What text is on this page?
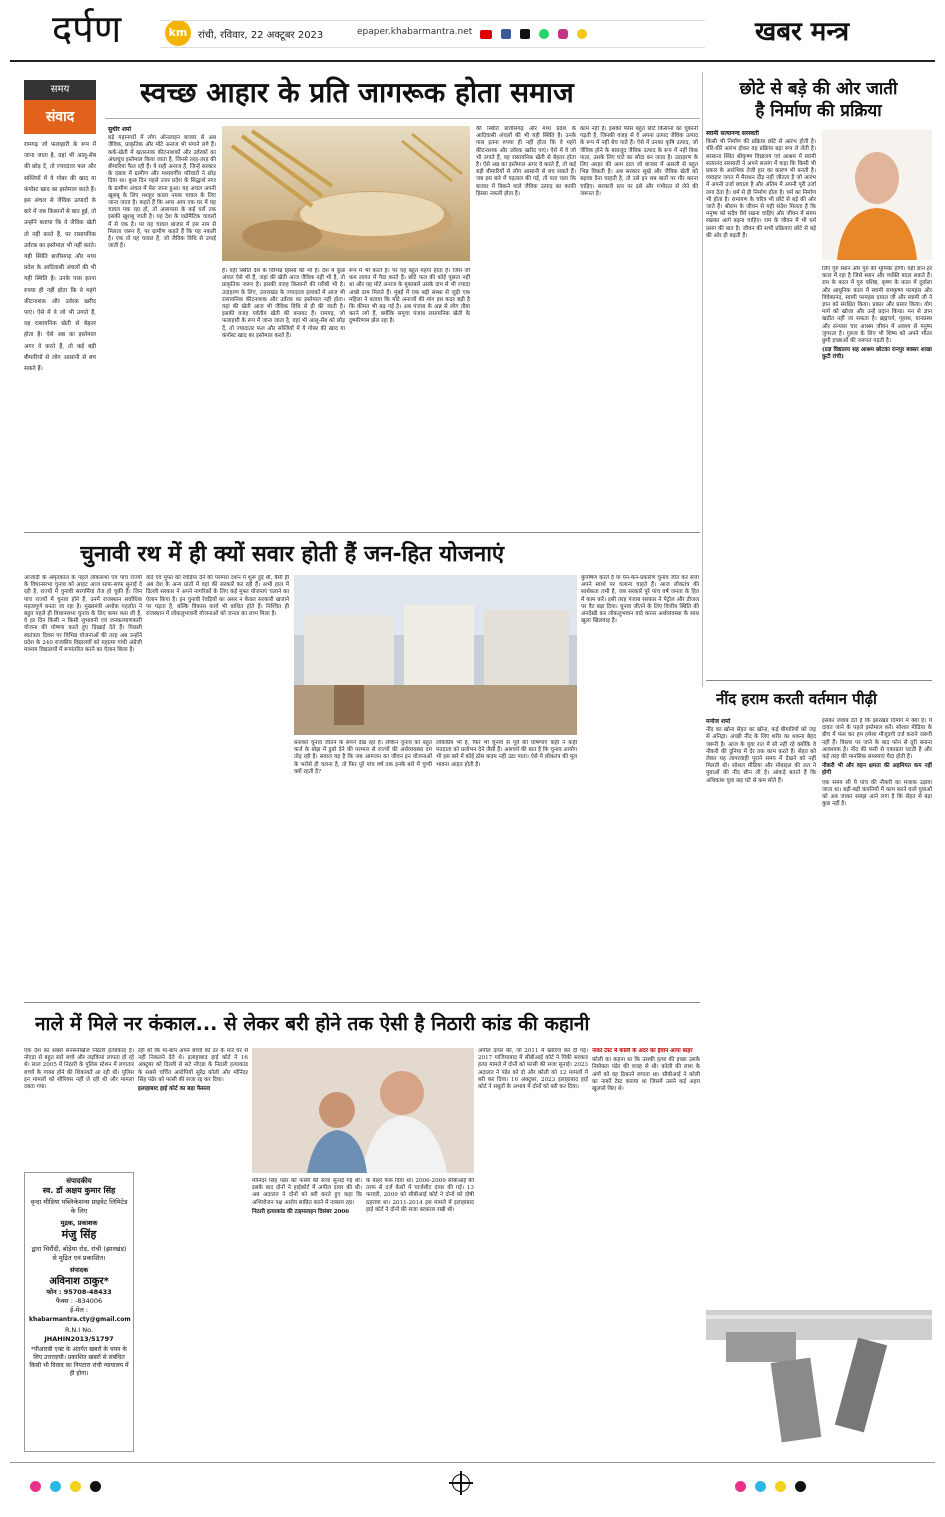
दर्पण	km	रांची, रविवार, 22 अक्टूबर 2023	epaper.khabarmantra.net
	खबर मन्त्र
समय
संवाद
रामगढ़ जो फलाहारी के रूप में जाना जाता है, वहां भी आलू-सेंब की छोड़ दें, तो ज्यादातर फल और सब्जियों में ये गोबर की खाद या कंपोस्ट खाद का इस्तेमाल करते हैं। इस अंचल से जैविक उत्पादों के बारे में जब किसानों से बात हुई, तो उन्होंने बताया कि वे जैविक खेती तो नहीं करते हैं, पर रासायनिक उर्वरक का इस्तेमाल भी नहीं करते। यही स्थिति छत्तीसगढ़ और मध्य प्रदेश के आदिवासी अंचलों की भी यही स्थिति है। उनके पास इतना रुपया ही नहीं होता कि वे महंगे कीटनाशक और उर्वरक खरीद पाएं। ऐसे में वे जो भी उगाते हैं, वह रासायनिक खेती से बेहतर होता है। ऐसे अन्न का इस्तेमाल अगर वे करते हैं, तो कई बड़ी बीमारियों से लोग आसानी से बच सकते हैं।
स्वच्छ आहार के प्रति जागरूक होता समाज
सुधीर शर्मा

बड़े महानगरों में लोग ऑनलाइन बाजार से अब जैविक, प्राकृतिक और मोटे अनाज भी मंगाने लगे हैं। कर्क-खेती में खतरनाक कीटनाशकों और उर्वरकों का अंधाधुंध इस्तेमाल किया जाता है, जिनसे तरह-तरह की बीमारियां फैल रही हैं। ये सही अनाज हैं, जिन्हें सरकार के दबाव में ग्रामीण और मध्यवर्गीय परिवारों ने छोड़ दिया था। कुछ दिन पहले उत्तर प्रदेश के सिद्धार्थ नगर के ग्रामीण अंचल में मेरा जाना हुआ। यह अंचल अपनी खुशबू के लिए मशहूर काला नमक चावल के लिए जाना जाता है। कहते हैं कि अगर आप एक घर में यह चावल पक रहा हो, तो आसपास के कई घरों तक इसकी खुशबू जाती है। यह देश के एग्रोमैटिक चावलों में से एक है। पर यह चावल बाजार में इस नाम से मिलता जरूर है, पर ग्रामीण कहते हैं कि यह नकली है। एक तो यह चावल है, जो जैविक विधि से उगाई जाती है।

हैं। यही स्थिति देश के विभिन्न हिस्सों की भी है। देश में कुछ अंचल ऐसे भी हैं, जहां की खेती आज जैविक नहीं भी है, तो प्राकृतिक जरूर है। इसकी वजह किसानों की गरीबी भी है। उदाहरण के लिए, उत्तराखंड के ज्यादातर इलाकों में आज भी रासायनिक कीटनाशक और उर्वरक का इस्तेमाल नहीं होता। यहां की खेती आज भी जैविक विधि से ही की जाती है। इसकी वजह पर्वतीय खेती की बनावट है। रामगढ़, जो फलाहारी के रूप में जाना जाता है, वहां भी आलू-सेंब को छोड़ दें, तो ज्यादातर फल और सब्जियों में ये गोबर की खाद या कंपोस्ट खाद का इस्तेमाल करते हैं।
रूप में भी करते हैं। पर यह बहुत महंगा होता है। जिस जो कम लागत में पैदा करते हैं। छोटे फल की कोई पूछता नहीं था और यह मोटे अनाज के मुकाबले उसके दाम से भी ज्यादा अच्छे दाम मिलते हैं। मुंबई में एक बड़ी संस्था से जुड़ी एक महिला ने बताया कि मोटे अनाजों की मांग इस कदर बढ़ी है कि कीमत भी बढ़ गई है। अब पंजाब के अन्न से लोग तौबा करने लगे हैं, क्योंकि समूचा पंजाब रासायनिक खेती के दुष्परिणाम झेल रहा है।
की स्थिति छत्तीसगढ़ और मध्य प्रदेश के आदिवासी अंचलों की भी यही स्थिति है। उनके पास इतना रुपया ही नहीं होता कि वे महंगे कीटनाशक और उर्वरक खरीद पाएं। ऐसे में वे जो भी उगाते हैं, वह रासायनिक खेती से बेहतर होता है। ऐसे अन्न का इस्तेमाल अगर वे करते हैं, तो कई बड़ी बीमारियों से लोग आसानी से बच सकते हैं। जब इस बारे में पड़ताल की गई, तो पता चला कि बाजार में बिकने वाले जैविक उत्पाद का काफी हिस्सा नकली होता है।
काम नहीं है। इसकी फीस बहुत छोटे किसानों को चुकानी पड़ती है, जिनकी वजह से वे अपना उत्पाद जैविक उत्पाद के रूप में नहीं बेच पाते हैं। ऐसे में उनका कृषि उत्पाद, जो जैविक होने के बावजूद जैविक उत्पाद के रूप में नहीं बिक पाता, उसके लिए घाटे का सौदा बन जाता है। उदाहरण के लिए अरहर की आम दाल जो बाजार में असली से बहुत भिन्न विकती है। अब सरकार सूखे और जैविक खेती को बढ़ावा देना चाहती है, तो उसे इन सब बातों पर गौर करना चाहिए। सरकारी स्तर पर इसे और गंभीरता से लेने की जरूरत है।
छोटे से बड़े की ओर जाती
है निर्माण की प्रक्रिया
स्वामी सत्यानन्द सरस्वती

किसी भी निर्माण की प्रक्रिया छोटे से आरंभ होती है। धीरे-धीरे आरंभ होकर वह प्रक्रिया बड़ा रूप ले लेती है। बरसाना स्थित श्रीकृष्ण विद्यालय एवं आश्रम में स्वामी सत्यानंद सरस्वती ने अपने सत्संग में कहा कि किसी भी प्रकार के आरंभिक तेजी हार का कारण भी बनती है। व्यवहार जगत में मैराथन दौड़ नहीं जीतता है जो आरंभ में अपनी उर्जा बचाता है और अंतिम में अपनी पूरी उर्जा लगा देता है। धर्म से ही निर्माण होता है। धर्म का निर्माण भी होता है। रामायण के चरित्र भी छोटे से बड़े की ओर जाते हैं। श्रीराम के जीवन से यही संदेश मिलता है कि मनुष्य को सदैव धैर्य रखना चाहिए और जीवन में संयम रखकर आगे बढ़ना चाहिए। राम के जीवन में भी धर्म प्रसंग की बात है। जीवन की सभी प्रक्रियाएं छोटे से बड़े की ओर ही बढ़ती हैं।

लिए गुरु स्थान और गुरु की भूमिका होगी। यही ज्ञान हर काल में रहा है जिसे स्थान और व्यक्ति बदल सकते हैं। राम के काल में गुरु वशिष्ठ, कृष्ण के काल में दुर्वासा और आधुनिक काल में स्वामी रामकृष्ण परमहंस और विवेकानंद, स्वामी परमहंस दयाल जी और स्वामी जी ने ज्ञान को संरक्षित किया। प्रकार और प्रसार किया। योग मार्ग को खोजा और उन्हें प्रदान किया। मन से ज्ञान खडीत नहीं जा सकता है। ब्रह्मचर्य, गृहस्थ, वानप्रस्थ और संन्यास चार आश्रम जीवन में अवश्य से मनुष्य जुगरता है। गुरुत्व के लिए भी शिष्य को अपने भीतर छुपी इच्छाओं की जरूरत पड़ती है।

(प्रज्ञ विद्यालय सह आश्रम छोटका रानपुर बक्सर शाखा कुटी रांची)

चुनावी रथ में ही क्यों सवार होती हैं जन-हित योजनाएं
आजादी के अमृतकाल के पहले लोकसभा एवं पांच राज्यों के विधानसभा चुनाव को आहट आज साफ-साफ सुनाई दे रही है, राज्यों में चुनावी सरगर्मियां तेज हो चुकी हैं। जिन पांच राज्यों में चुनाव होने हैं, उनमें राजस्थान सर्वाधिक महत्वपूर्ण बनता जा रहा है। मुख्यमंत्री अशोक गहलोत ने बहुत पहले ही विधानसभा चुनाव के लिए कमर कस ली है, वे हर दिन किसी न किसी लुभावनी एवं जनकल्याणकारी योजना की घोषणा करते हुए दिखाई देते हैं। पिछली स्वतंत्रता दिवस पर विभिन्न योजनाओं की तरह अब उन्होंने प्रदेश के 240 राजकीय विद्यालयों को महात्मा गांधी अंग्रेजी माध्यम विद्यालयों में रूपांतरित करने का ऐलान किया है।
वादे एवं मुफ्त की रेवड़ियां देने की परम्परा दर्शन में शुरू हुई थी, वैसी ही अब देश के अन्य प्रांतों में वहां की सरकारें कर रही हैं। अभी हाल में दिल्ली सरकार ने अपने नागरिकों के लिए कई मुफ्त योजनाएं चलाने का ऐलान किया है। इन चुनावी रेवड़ियों का असर न केवल सरकारी खजाने पर पड़ता है, बल्कि विकास कार्य भी बाधित होते हैं। निश्चित ही राजस्थान में लोकलुभावनी योजनाओं को जनता का लाभ मिला है।
बनाकर चुनाव जीतने के सपने देख रहा है। लेकिन चुनाव को बहुत कर्ज के बोझ में डुबो देने की परम्परा से राज्यों की अर्थव्यवस्था दम तोड़ रही है। सवाल यह है कि जब आमजन का जीवन इन योजनाओं के भरोसे ही चलना है, तो फिर पूरे पांच वर्ष तक इनके बारे में चुप्पी क्यों रहती है?
लोकप्रिय भी हैं, फिर भी चुनाव से पूर्व की घोषणाएं कहीं न कहीं मतदाता को प्रलोभन देने जैसी हैं। आश्चर्य की बात है कि चुनाव आयोग भी इस बारे में कोई ठोस कदम नहीं उठा पाता। ऐसे में लोकतंत्र की मूल भावना आहत होती है।
कुपोषण करते हैं या येन-केन-प्रकारेण चुनाव जीत कर सत्ता अपने स्वार्थ पर चलाना चाहते हैं। आज लोकतंत्र की सार्थकता तभी है, जब सरकारें पूरे पांच वर्ष जनता के हित में काम करें। इसी तरह पंजाब सरकार ने पेट्रोल और डीजल पर वैट बढ़ा दिया। चुनाव जीतने के लिए वित्तीय स्थिति की अनदेखी कर लोकलुभावन वादे करना अर्थव्यवस्था के साथ खुला खिलवाड़ है।
नींद हराम करती वर्तमान पीढ़ी
मनोज शर्मा

नींद का खोना सेहत का खोना, कई बीमारियों को जड़ से अनिद्रा। अच्छी नींद के लिए शरीर का थकना बेहद जरूरी है। आज के युवा रात में सो नहीं रहे क्योंकि वे नौकरी की दुनिया में देर तक काम करते हैं। सेहत को लेकर यह लापरवाही पुराने समय में देखने को नहीं मिलती थी। सोशल मीडिया और मोबाइल की लत ने युवाओं की नींद छीन ली है। आंकड़े बताते हैं कि अधिकांश युवा छह घंटे से कम सोते हैं।

इसका जवाब देते हैं कि झारखंड दिमाग में क्या है। ये दावत जाने के पहले इस्तेमाल करें। सोशल मीडिया के बीच में फंस कर हम हमेशा मौजूदगी दर्ज कराने जरूरी नहीं हैं। विस्तर पर जाने के बाद फोन से दूरी बनाना आवश्यक है। नींद की कमी से एकाग्रता घटती है और कई तरह की मानसिक समस्याएं पैदा होती हैं।

नौकरी भी और वहन क्षमता की अहमियत कम नहीं होगी

एक समय सी ये पांच की नौकरी का मजाक उड़ाया जाता था। बड़ी-बड़ी कंपनियों में काम करने वाले युवाओं को अब जाकर समझ आने लगा है कि सेहत से बड़ा कुछ नहीं है।

नाले में मिले नर कंकाल... से लेकर बरी होने तक ऐसी है निठारी कांड की कहानी
एक देश का सबसे सनसनीखेज निठारी हत्याकांड है। नोएडा से बहुत सारे बच्चे और लड़कियां लापता हो रहे थे। साल 2005 में निठारी के पुलिस स्टेशन में लगातार बच्चों के गायब होने की शिकायतें आ रही थीं। पुलिस इन मामलों को सीरियस नहीं ले रही थी और मामला दबता गया।
संपादकीय
स्व. डॉ अक्षय कुमार सिंह
वृन्दा मीडिया पब्लिकेशन्स प्राइवेट लिमिटेड के लिए
मुद्रक, प्रकाशक
मंजु सिंह
द्वारा चिरौंदी, बोड़ेया रोड, रांची (झारखंड) से मुद्रित एवं प्रकाशित।
संपादक
अविनाश ठाकुर*
फोन : 95708-48433
फैक्स : -834006
ई-मेल :
khabarmantra.cty@gmail.com
R.N.I No.
JHAHIN2013/51797
*पीआरबी एक्ट के अंतर्गत खबरों के चयन के लिए उत्तरदायी। प्रकाशित खबरों से संबंधित किसी भी विवाद का निपटारा रांची न्यायालय में ही होगा।

रही थी कि मां-बाप अपने बच्चों को डर के मारे घर से नहीं निकलने देते थे। इलाहाबाद हाई कोर्ट ने 16 अक्टूबर को दिल्ली से सटे नोएडा के निठारी हत्याकांड के सबसे चर्चित आरोपियों सुरेंद्र कोली और मोनिंदर सिंह पंढेर को फांसी की सजा रद्द कर दिया।

इलाहाबाद हाई कोर्ट का बड़ा फैसला

मोनिंदर सिंह पंढेर को फांसी की सजा सुनाई गई थी। इसके बाद दोनों ने हाईकोर्ट में अपील दायर की थी। अब अदालत ने दोनों को बरी करते हुए कहा कि अभियोजन पक्ष आरोप साबित करने में नाकाम रहा।

निठारी हत्याकांड की टाइमलाइन दिसंबर 2006

के बाहर फेंक दिया था। 2006-2009 सीबीआई की तरफ से दर्ज केसों में चार्जशीट दायर की गई। 13 फरवरी, 2009 को सीबीआई कोर्ट ने दोनों को दोषी ठहराया था। 2011-2014 इस मामले में इलाहाबाद हाई कोर्ट ने दोनों की सजा बरकरार रखी थी।
अपील दायर की, जो 2011 में खारिज कर दी गई। 2017 गाजियाबाद में सीबीआई कोर्ट ने पिंकी सरकार हत्या मामले में दोनों को फांसी की सजा सुनाई। 2023 अदालत ने पंढेर को दो और कोली को 12 मामलों में बरी कर दिया। 16 अक्टूबर, 2023 इलाहाबाद हाई कोर्ट ने सबूतों के अभाव में दोनों को बरी कर दिया।

नार्को टेस्ट में कोली के अंदर का हैवान आया बाहर

कोली का कहना था कि उसकी हत्या की इच्छा उसके नियोक्ता पंढेर की वजह से थी। कोली की लाश के अंगों को वह ठिकाने लगाता था। सीबीआई ने कोली का नार्को टेस्ट कराया था जिसमें उसने कई अहम खुलासे किए थे।
